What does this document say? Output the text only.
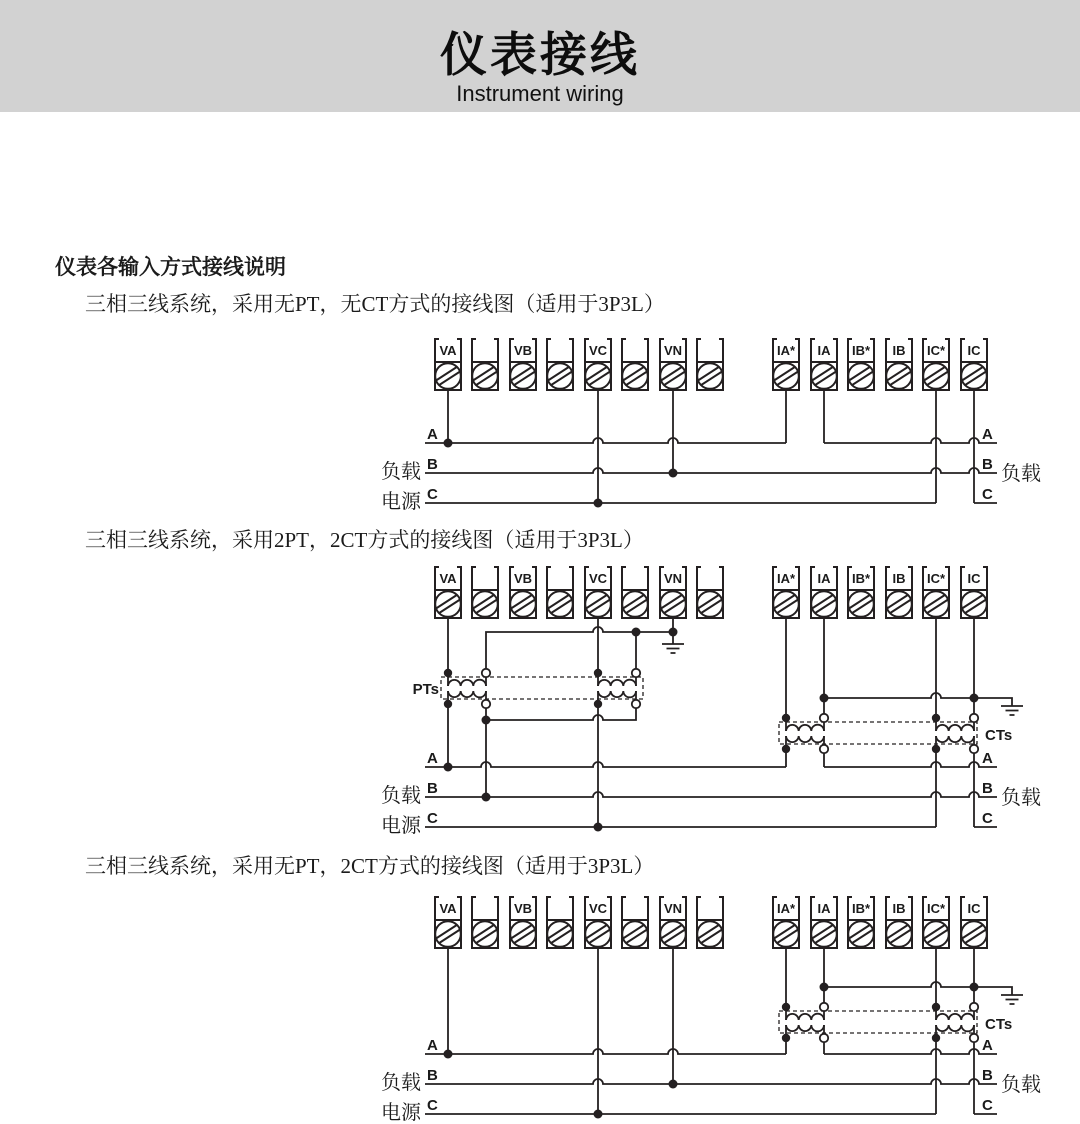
仪表接线
Instrument wiring
仪表各输入方式接线说明
三相三线系统，采用无PT，无CT方式的接线图（适用于3P3L）
VA	VB	VC	VN	IA* IA IB* IB IC* IC
A
B
C
A
B
C
负载
电源
负载
三相三线系统，采用2PT，2CT方式的接线图（适用于3P3L）
VA	VB	VC	VN	IA* IA IB* IB IC* IC
PTs
CTs
A
B
C
A
B
C
负载
电源
负载
三相三线系统，采用无PT，2CT方式的接线图（适用于3P3L）
VA	VB	VC	VN	IA* IA IB* IB IC* IC
CTs
A
B
C
A
B
C
负载
电源
负载
